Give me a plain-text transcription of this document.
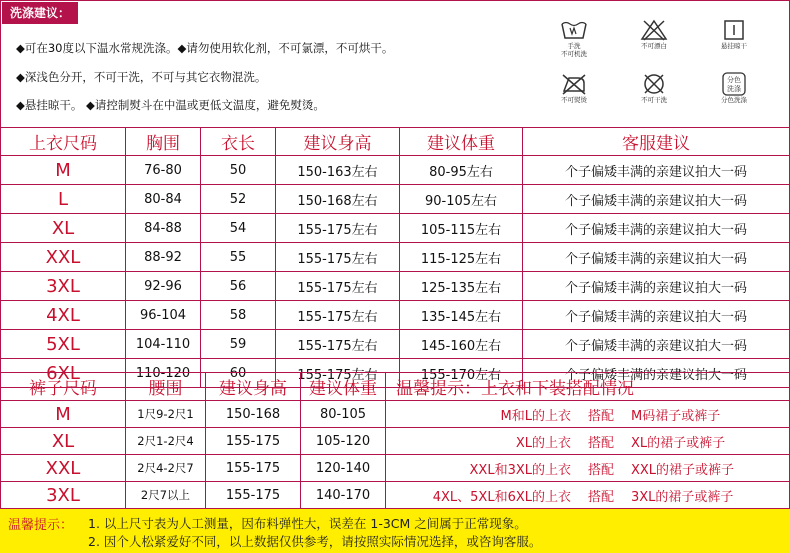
洗涤建议：
◆可在30度以下温水常规洗涤。◆请勿使用软化剂，不可氯漂，不可烘干。
◆深浅色分开，不可干洗，不可与其它衣物混洗。
◆悬挂晾干。 ◆请控制熨斗在中温或更低文温度，避免熨烫。
手洗
不可机洗
不可漂白	悬挂晾干
不可熨烫	不可干洗
分色
洗涤
分色洗涤
上衣尺码	胸围	衣长	建议身高	建议体重	客服建议
M	76-80	50	150-163左右	80-95左右	个子偏矮丰满的亲建议拍大一码
L	80-84	52	150-168左右	90-105左右	个子偏矮丰满的亲建议拍大一码
XL	84-88	54	155-175左右	105-115左右	个子偏矮丰满的亲建议拍大一码
XXL	88-92	55	155-175左右	115-125左右	个子偏矮丰满的亲建议拍大一码
3XL	92-96	56	155-175左右	125-135左右	个子偏矮丰满的亲建议拍大一码
4XL	96-104	58	155-175左右	135-145左右	个子偏矮丰满的亲建议拍大一码
5XL	104-110	59	155-175左右	145-160左右	个子偏矮丰满的亲建议拍大一码
6XL	110-120	60	155-175左右	155-170左右	个子偏矮丰满的亲建议拍大一码
裤子尺码	腰围	建议身高	建议体重	温馨提示：上衣和下装搭配情况
M	1尺9-2尺1	150-168	80-105	M和L的上衣 搭配 M码裙子或裤子
XL	2尺1-2尺4	155-175	105-120	XL的上衣 搭配 XL的裙子或裤子
XXL	2尺4-2尺7	155-175	120-140	XXL和3XL的上衣 搭配 XXL的裙子或裤子
3XL	2尺7以上	155-175	140-170	4XL、5XL和6XL的上衣 搭配 3XL的裙子或裤子
温馨提示： 1. 以上尺寸表为人工测量，因布料弹性大，误差在 1-3CM 之间属于正常现象。
2. 因个人松紧爱好不同，以上数据仅供参考，请按照实际情况选择，或咨询客服。
